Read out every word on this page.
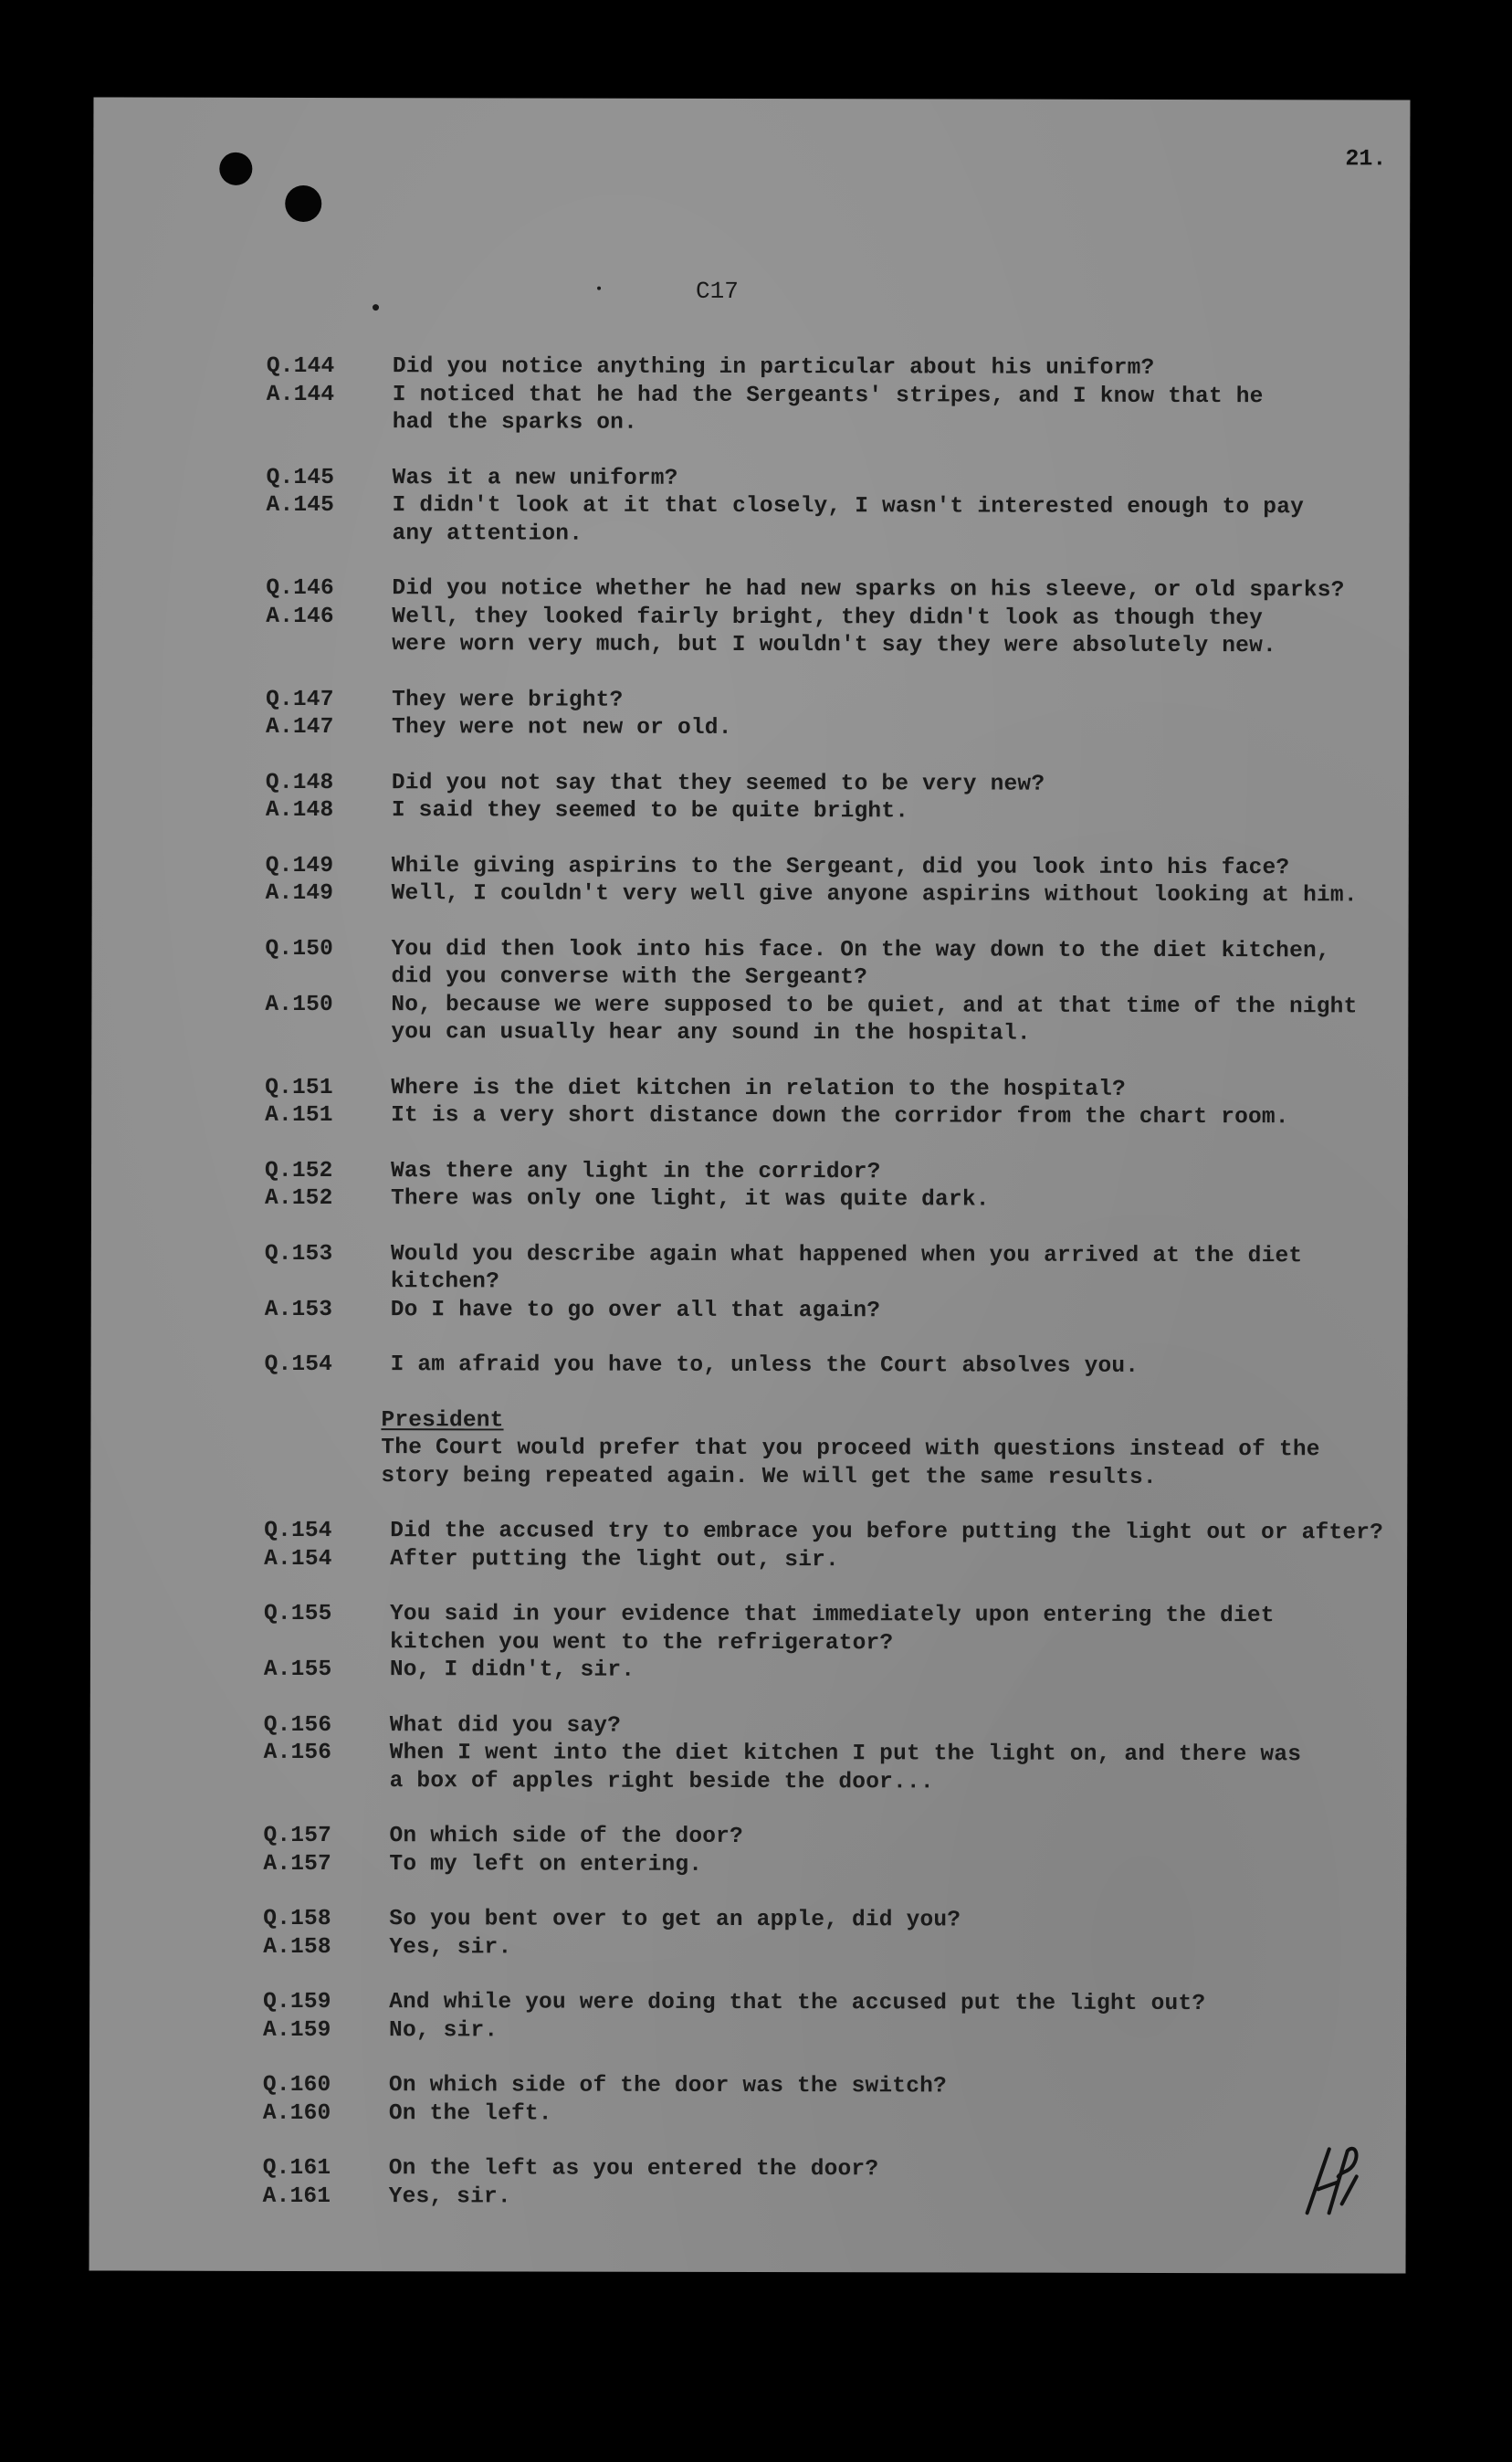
21.
C17
Q.144	Did you notice anything in particular about his uniform?
A.144	I noticed that he had the Sergeants' stripes, and I know that he
had the sparks on.
Q.145	Was it a new uniform?
A.145	I didn't look at it that closely, I wasn't interested enough to pay
any attention.
Q.146	Did you notice whether he had new sparks on his sleeve, or old sparks?
A.146	Well, they looked fairly bright, they didn't look as though they
were worn very much, but I wouldn't say they were absolutely new.
Q.147	They were bright?
A.147	They were not new or old.
Q.148	Did you not say that they seemed to be very new?
A.148	I said they seemed to be quite bright.
Q.149	While giving aspirins to the Sergeant, did you look into his face?
A.149	Well, I couldn't very well give anyone aspirins without looking at him.
Q.150	You did then look into his face. On the way down to the diet kitchen,
did you converse with the Sergeant?
A.150	No, because we were supposed to be quiet, and at that time of the night
you can usually hear any sound in the hospital.
Q.151	Where is the diet kitchen in relation to the hospital?
A.151	It is a very short distance down the corridor from the chart room.
Q.152	Was there any light in the corridor?
A.152	There was only one light, it was quite dark.
Q.153	Would you describe again what happened when you arrived at the diet
kitchen?
A.153	Do I have to go over all that again?
Q.154	I am afraid you have to, unless the Court absolves you.
President
The Court would prefer that you proceed with questions instead of the
story being repeated again. We will get the same results.
Q.154	Did the accused try to embrace you before putting the light out or after?
A.154	After putting the light out, sir.
Q.155	You said in your evidence that immediately upon entering the diet
kitchen you went to the refrigerator?
A.155	No, I didn't, sir.
Q.156	What did you say?
A.156	When I went into the diet kitchen I put the light on, and there was
a box of apples right beside the door...
Q.157	On which side of the door?
A.157	To my left on entering.
Q.158	So you bent over to get an apple, did you?
A.158	Yes, sir.
Q.159	And while you were doing that the accused put the light out?
A.159	No, sir.
Q.160	On which side of the door was the switch?
A.160	On the left.
Q.161	On the left as you entered the door?
A.161	Yes, sir.
